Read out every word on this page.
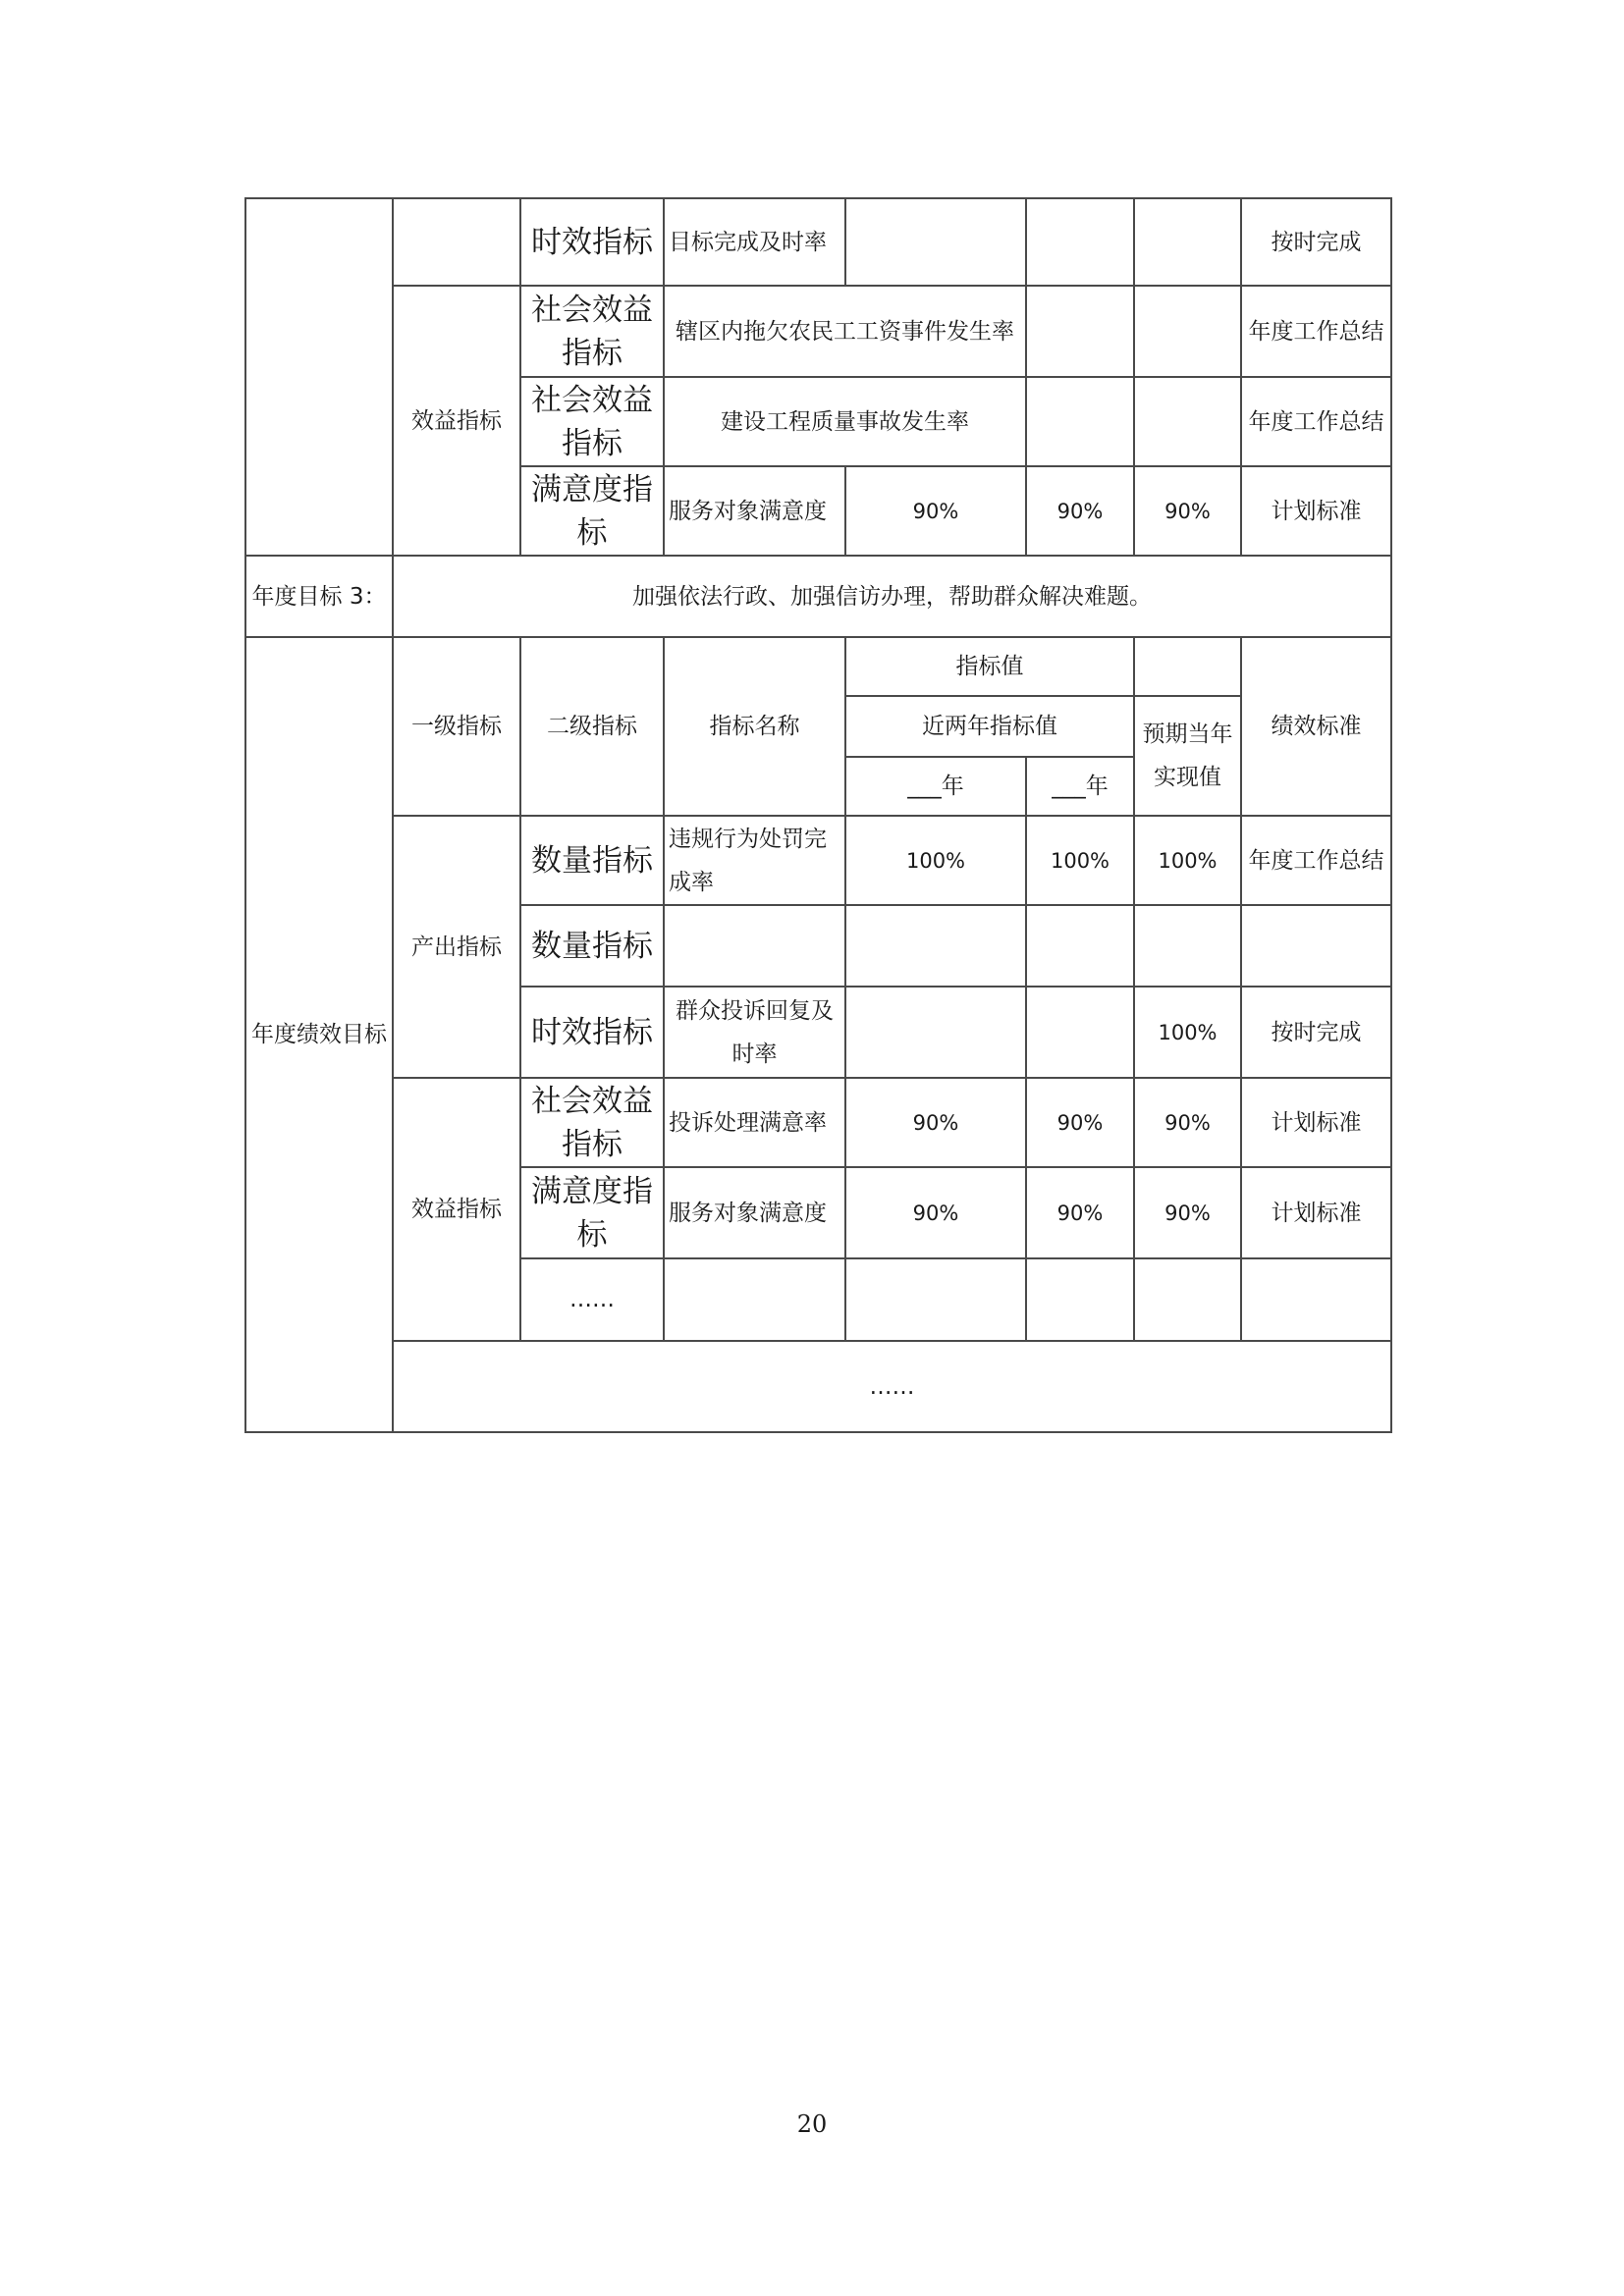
		时效指标	目标完成及时率				按时完成
	效益指标	社会效益指标	辖区内拖欠农民工工资事件发生率				年度工作总结
		社会效益指标	建设工程质量事故发生率				年度工作总结
		满意度指标	服务对象满意度	90%	90%	90%	计划标准
年度目标 3：	加强依法行政、加强信访办理，帮助群众解决难题。						
年度绩效目标	一级指标	二级指标	指标名称	指标值			绩效标准
				近两年指标值		预期当年实现值	
				___年	___年		
	产出指标	数量指标	违规行为处罚完成率	100%	100%	100%	年度工作总结
		数量指标					
		时效指标	群众投诉回复及时率			100%	按时完成
	效益指标	社会效益指标	投诉处理满意率	90%	90%	90%	计划标准
		满意度指标	服务对象满意度	90%	90%	90%	计划标准
		……					
	……						
20
